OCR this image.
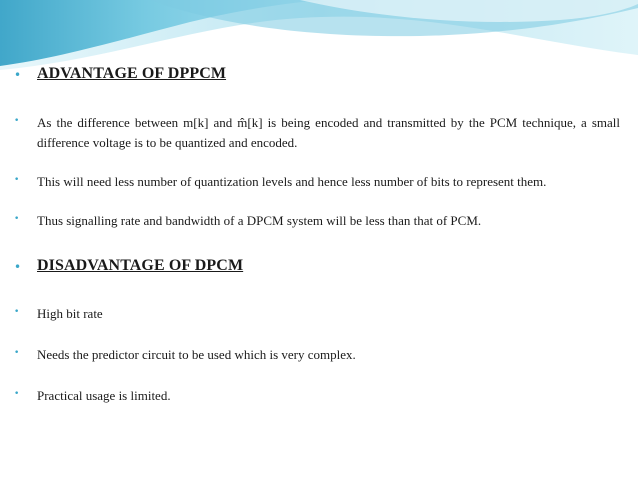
• ADVANTAGE OF DPPCM
• As the difference between m[k] and m̂[k] is being encoded and transmitted by the PCM technique, a small difference voltage is to be quantized and encoded.
• This will need less number of quantization levels and hence less number of bits to represent them.
• Thus signalling rate and bandwidth of a DPCM system will be less than that of PCM.
• DISADVANTAGE OF DPCM
• High bit rate
• Needs the predictor circuit to be used which is very complex.
• Practical usage is limited.
